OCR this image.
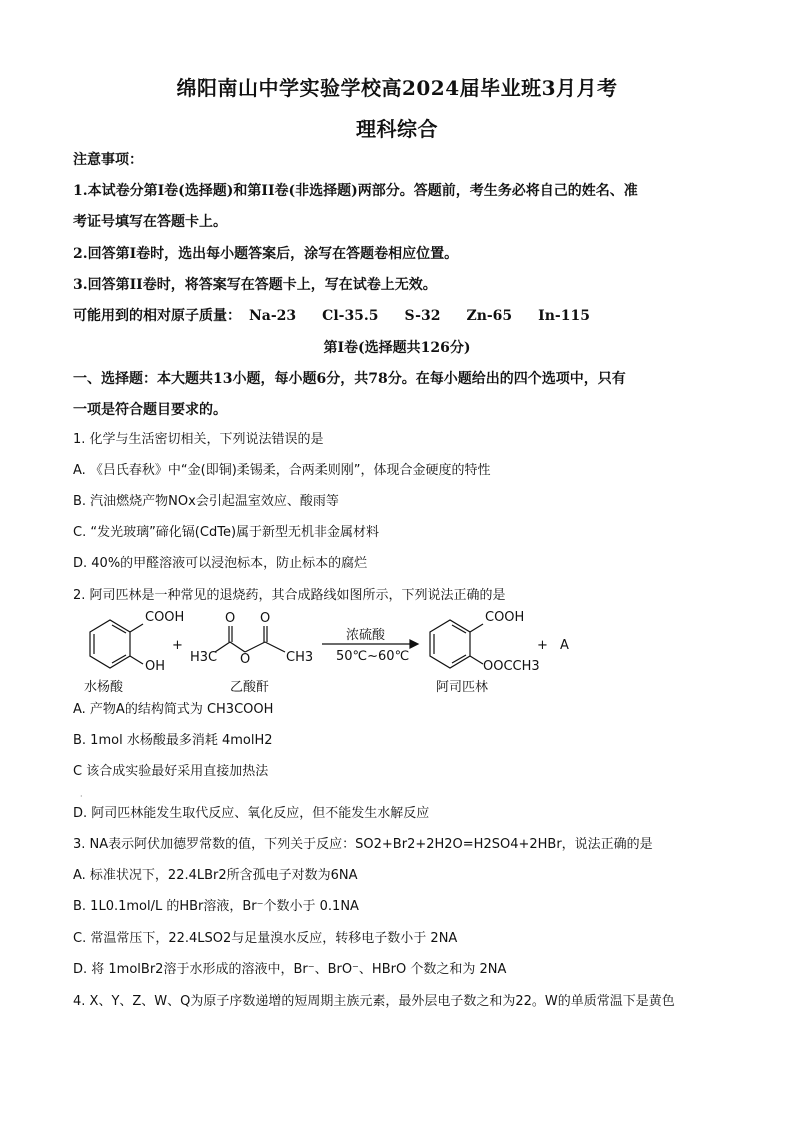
绵阳南山中学实验学校高2024届毕业班3月月考
理科综合
注意事项：
1.本试卷分第I卷(选择题)和第II卷(非选择题)两部分。答题前，考生务必将自己的姓名、准
考证号填写在答题卡上。
2.回答第I卷时，选出每小题答案后，涂写在答题卷相应位置。
3.回答第II卷时，将答案写在答题卡上，写在试卷上无效。
可能用到的相对原子质量： Na-23 Cl-35.5 S-32 Zn-65 In-115
第I卷(选择题共126分)
一、选择题：本大题共13小题，每小题6分，共78分。在每小题给出的四个选项中，只有
一项是符合题目要求的。
1. 化学与生活密切相关，下列说法错误的是
A. 《吕氏春秋》中“金(即铜)柔锡柔，合两柔则刚”，体现合金硬度的特性
B. 汽油燃烧产物NOx会引起温室效应、酸雨等
C. “发光玻璃”碲化镉(CdTe)属于新型无机非金属材料
D. 40%的甲醛溶液可以浸泡标本，防止标本的腐烂
2. 阿司匹林是一种常见的退烧药，其合成路线如图所示，下列说法正确的是
COOH
OH
水杨酸
+
O O
O
H3C	CH3
乙酸酐
浓硫酸
50℃~60℃
COOH
OOCCH3
阿司匹林
+ A
A. 产物A的结构简式为 CH3COOH
B. 1mol 水杨酸最多消耗 4molH2
C 该合成实验最好采用直接加热法
·
D. 阿司匹林能发生取代反应、氧化反应，但不能发生水解反应
3. NA表示阿伏加德罗常数的值，下列关于反应：SO2+Br2+2H2O=H2SO4+2HBr，说法正确的是
A. 标准状况下，22.4LBr2所含孤电子对数为6NA
B. 1L0.1mol/L 的HBr溶液，Br⁻个数小于 0.1NA
C. 常温常压下，22.4LSO2与足量溴水反应，转移电子数小于 2NA
D. 将 1molBr2溶于水形成的溶液中，Br⁻、BrO⁻、HBrO 个数之和为 2NA
4. X、Y、Z、W、Q为原子序数递增的短周期主族元素，最外层电子数之和为22。W的单质常温下是黄色
